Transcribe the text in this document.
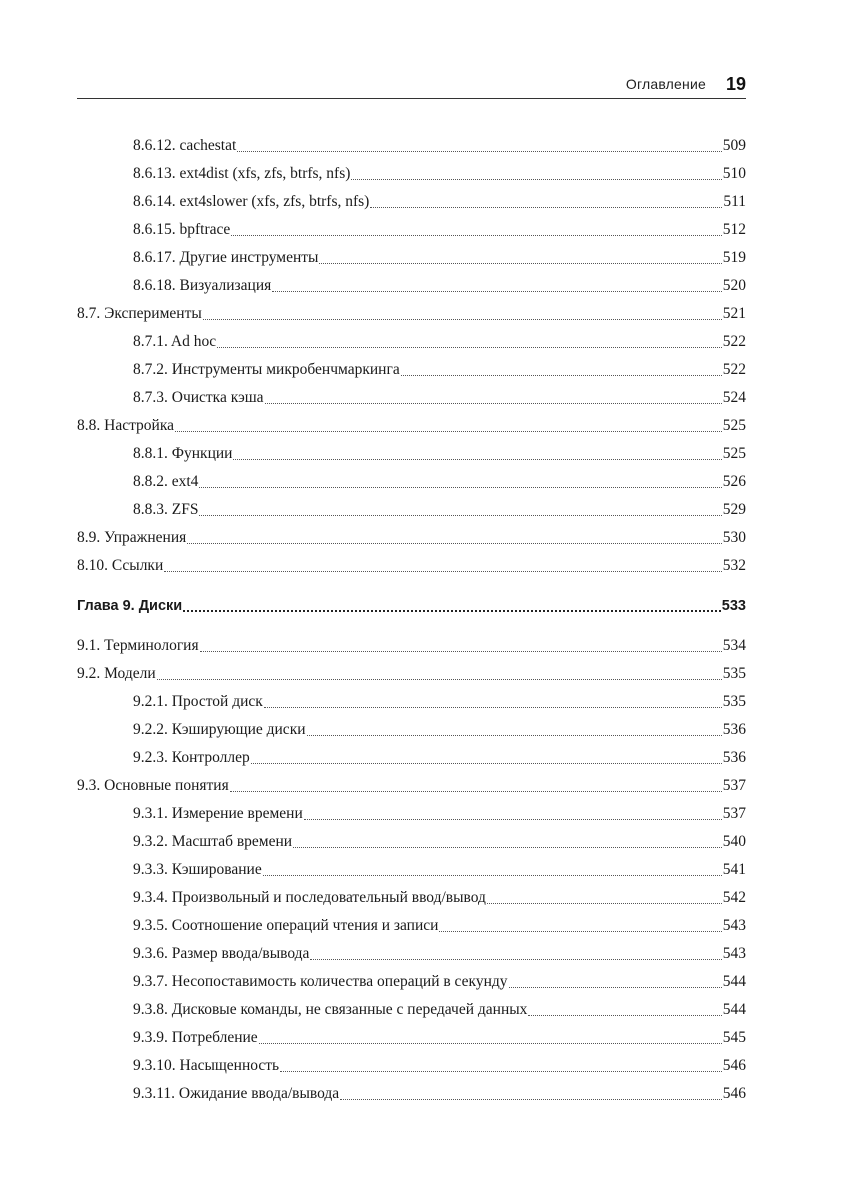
Оглавление 19
8.6.12. cachestat	509
8.6.13. ext4dist (xfs, zfs, btrfs, nfs)	510
8.6.14. ext4slower (xfs, zfs, btrfs, nfs)	511
8.6.15. bpftrace	512
8.6.17. Другие инструменты	519
8.6.18. Визуализация	520
8.7. Эксперименты	521
8.7.1. Ad hoc	522
8.7.2. Инструменты микробенчмаркинга	522
8.7.3. Очистка кэша	524
8.8. Настройка	525
8.8.1. Функции	525
8.8.2. ext4	526
8.8.3. ZFS	529
8.9. Упражнения	530
8.10. Ссылки	532
Глава 9. Диски	533
9.1. Терминология	534
9.2. Модели	535
9.2.1. Простой диск	535
9.2.2. Кэширующие диски	536
9.2.3. Контроллер	536
9.3. Основные понятия	537
9.3.1. Измерение времени	537
9.3.2. Масштаб времени	540
9.3.3. Кэширование	541
9.3.4. Произвольный и последовательный ввод/вывод	542
9.3.5. Соотношение операций чтения и записи	543
9.3.6. Размер ввода/вывода	543
9.3.7. Несопоставимость количества операций в секунду	544
9.3.8. Дисковые команды, не связанные с передачей данных	544
9.3.9. Потребление	545
9.3.10. Насыщенность	546
9.3.11. Ожидание ввода/вывода	546
